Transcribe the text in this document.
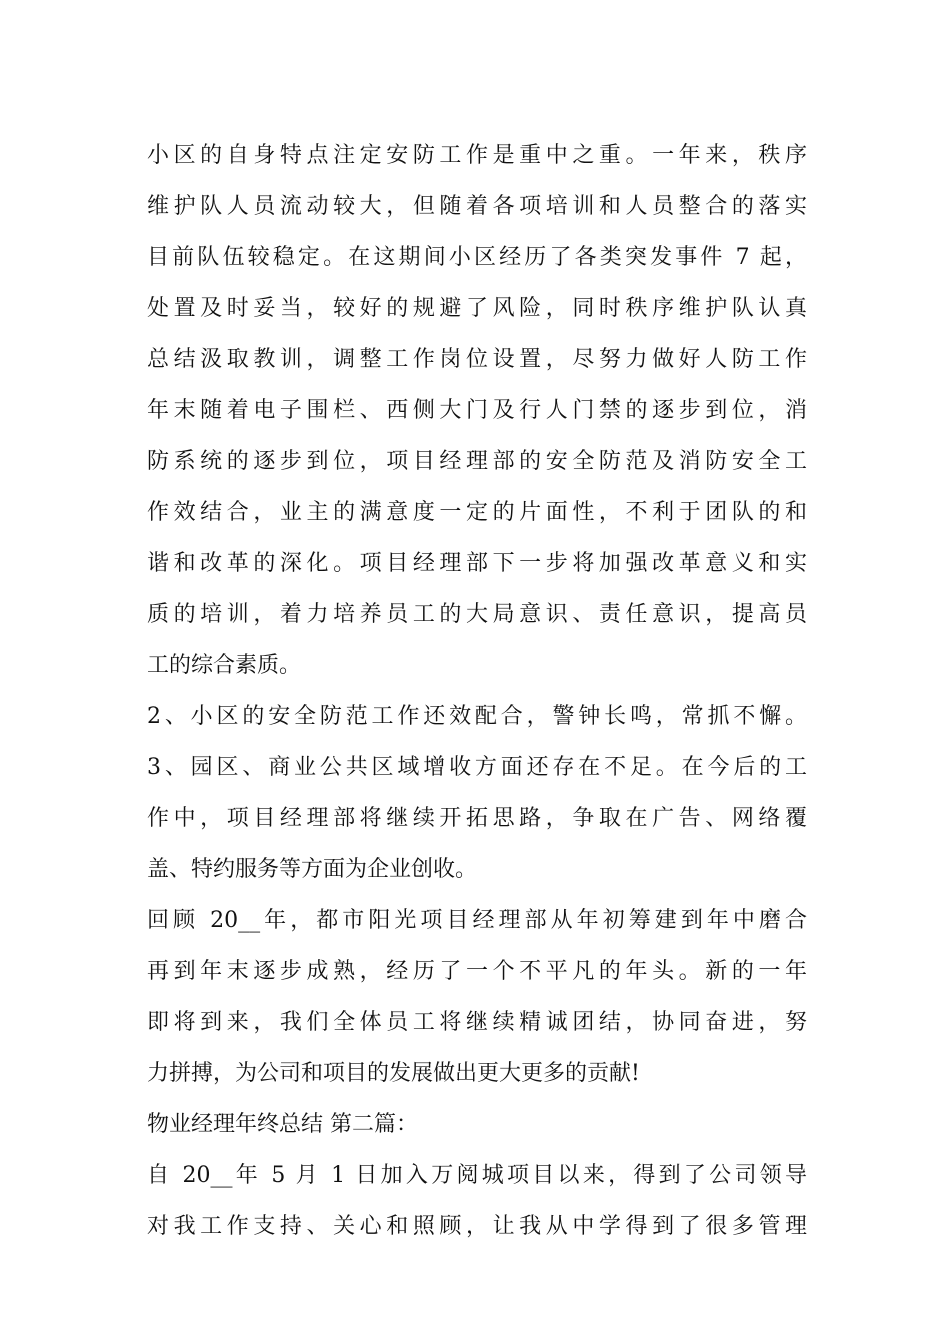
小区的自身特点注定安防工作是重中之重。一年来，秩序
维护队人员流动较大，但随着各项培训和人员整合的落实
目前队伍较稳定。在这期间小区经历了各类突发事件 7 起，
处置及时妥当，较好的规避了风险，同时秩序维护队认真
总结汲取教训，调整工作岗位设置，尽努力做好人防工作
年末随着电子围栏、西侧大门及行人门禁的逐步到位，消
防系统的逐步到位，项目经理部的安全防范及消防安全工
作效结合，业主的满意度一定的片面性，不利于团队的和
谐和改革的深化。项目经理部下一步将加强改革意义和实
质的培训，着力培养员工的大局意识、责任意识，提高员
工的综合素质。
2、小区的安全防范工作还效配合，警钟长鸣，常抓不懈。
3、园区、商业公共区域增收方面还存在不足。在今后的工
作中，项目经理部将继续开拓思路，争取在广告、网络覆
盖、特约服务等方面为企业创收。
回顾 20__年，都市阳光项目经理部从年初筹建到年中磨合
再到年末逐步成熟，经历了一个不平凡的年头。新的一年
即将到来，我们全体员工将继续精诚团结，协同奋进，努
力拼搏，为公司和项目的发展做出更大更多的贡献!
物业经理年终总结 第二篇：
自 20__年 5 月 1 日加入万阅城项目以来，得到了公司领导
对我工作支持、关心和照顾，让我从中学得到了很多管理
